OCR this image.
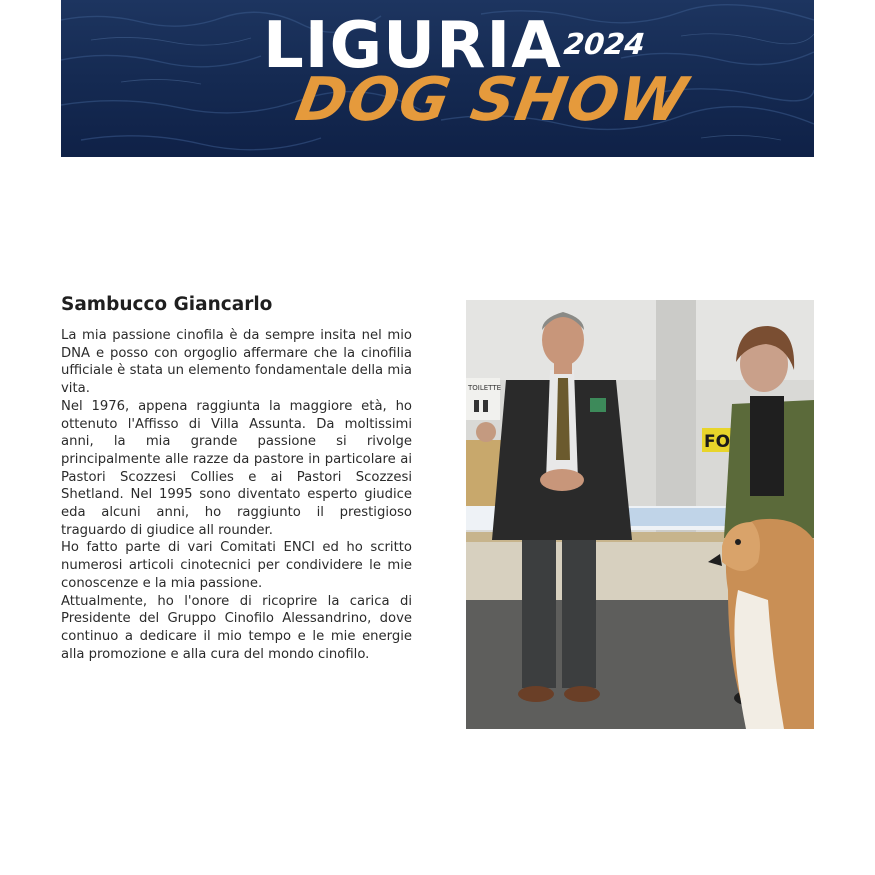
LIGURIA 2024
DOG SHOW
Sambucco Giancarlo

La mia passione cinofila è da sempre insita nel mio DNA e posso con orgoglio affermare che la cinofilia ufficiale è stata un elemento fondamentale della mia vita.

Nel 1976, appena raggiunta la maggiore età, ho ottenuto l'Affisso di Villa Assunta. Da moltissimi anni, la mia grande passione si rivolge principalmente alle razze da pastore in particolare ai Pastori Scozzesi Collies e ai Pastori Scozzesi Shetland. Nel 1995 sono diventato esperto giudice eda alcuni anni, ho raggiunto il prestigioso traguardo di giudice all rounder.

Ho fatto parte di vari Comitati ENCI ed ho scritto numerosi articoli cinotecnici per condividere le mie conoscenze e la mia passione.

Attualmente, ho l'onore di ricoprire la carica di Presidente del Gruppo Cinofilo Alessandrino, dove continuo a dedicare il mio tempo e le mie energie alla promozione e alla cura del mondo cinofilo.

TOILETTE
FO
